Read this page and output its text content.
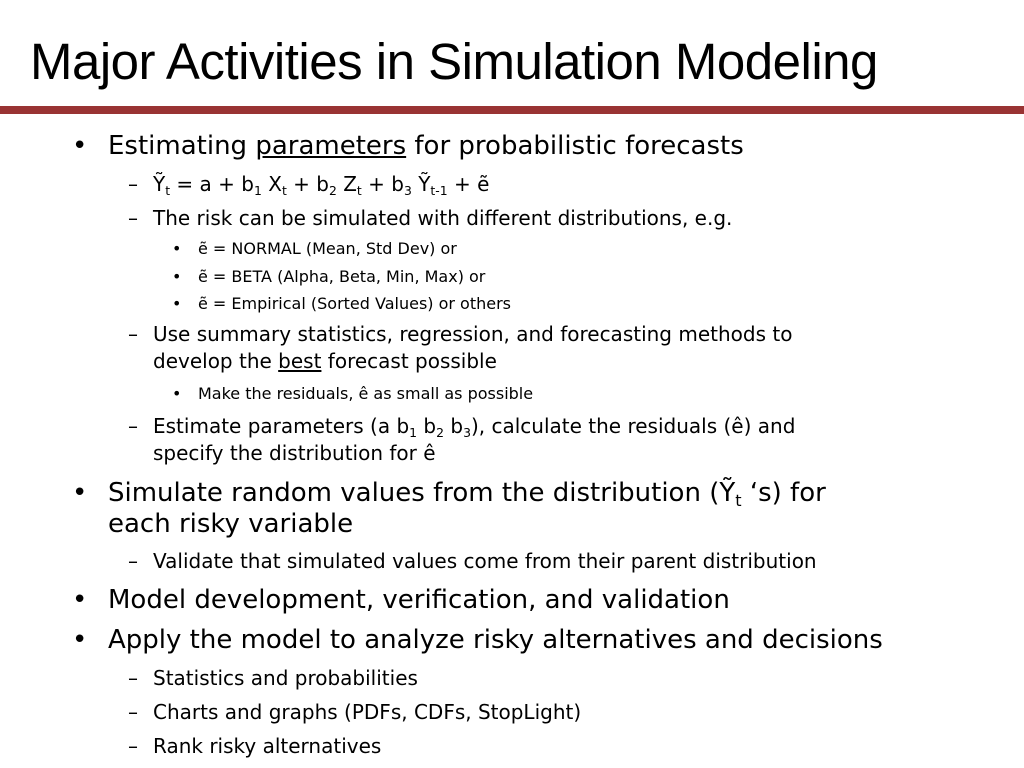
Major Activities in Simulation Modeling
• Estimating parameters for probabilistic forecasts
– Ỹ$_t$ = $a + b_1$ $X_t + b_2$ $Z_t + b_3$ Ỹ$_{t-1}$ + ẽ
– The risk can be simulated with different distributions, e.g.
• ẽ = NORMAL (Mean, Std Dev) or
• ẽ = BETA (Alpha, Beta, Min, Max) or
• ẽ = Empirical (Sorted Values) or others
– Use summary statistics, regression, and forecasting methods to
develop the best forecast possible
• Make the residuals, ê as small as possible
– Estimate parameters (a $b_1$ $b_2$ $b_3$), calculate the residuals (ê) and
specify the distribution for ê
• Simulate random values from the distribution (Ỹ$_t$ ‘s) for
each risky variable
– Validate that simulated values come from their parent distribution
• Model development, verification, and validation
• Apply the model to analyze risky alternatives and decisions
– Statistics and probabilities
– Charts and graphs (PDFs, CDFs, StopLight)
– Rank risky alternatives
